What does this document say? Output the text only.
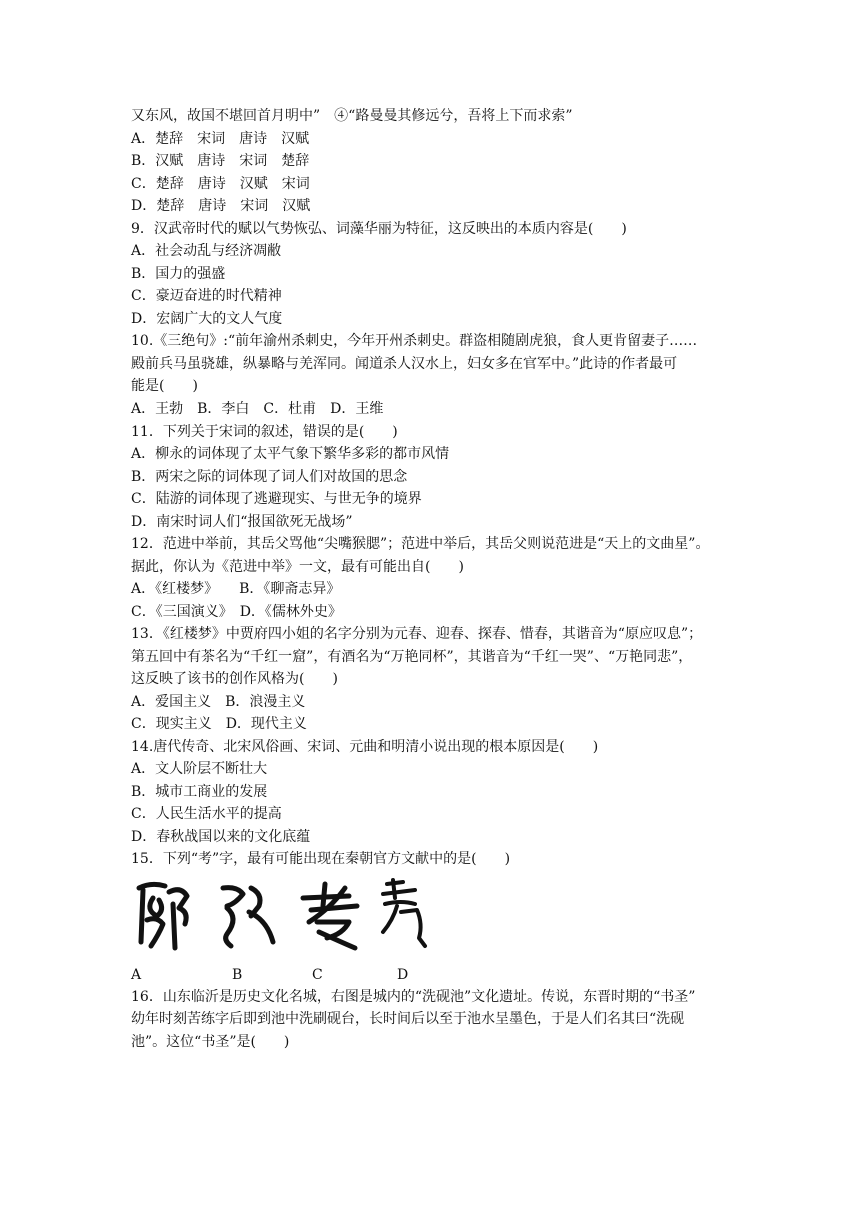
又东风，故国不堪回首月明中”　④“路曼曼其修远兮，吾将上下而求索”
A．楚辞　宋词　唐诗　汉赋
B．汉赋　唐诗　宋词　楚辞
C．楚辞　唐诗　汉赋　宋词
D．楚辞　唐诗　宋词　汉赋
9．汉武帝时代的赋以气势恢弘、词藻华丽为特征，这反映出的本质内容是(　　)
A．社会动乱与经济凋敝
B．国力的强盛
C．豪迈奋进的时代精神
D．宏阔广大的文人气度
10.《三绝句》:“前年渝州杀刺史，今年开州杀刺史。群盗相随剧虎狼，食人更肯留妻子……
殿前兵马虽骁雄，纵暴略与羌浑同。闻道杀人汉水上，妇女多在官军中。”此诗的作者最可
能是(　　)
A．王勃　B．李白　C．杜甫　D．王维
11．下列关于宋词的叙述，错误的是(　　)
A．柳永的词体现了太平气象下繁华多彩的都市风情
B．两宋之际的词体现了词人们对故国的思念
C．陆游的词体现了逃避现实、与世无争的境界
D．南宋时词人们“报国欲死无战场”
12．范进中举前，其岳父骂他“尖嘴猴腮”；范进中举后，其岳父则说范进是“天上的文曲星”。
据此，你认为《范进中举》一文，最有可能出自(　　)
A．《红楼梦》　　B．《聊斋志异》
C．《三国演义》　D．《儒林外史》
13．《红楼梦》中贾府四小姐的名字分别为元春、迎春、探春、惜春，其谐音为“原应叹息”；
第五回中有茶名为“千红一窟”，有酒名为“万艳同杯”，其谐音为“千红一哭”、“万艳同悲”，
这反映了该书的创作风格为(　　)
A．爱国主义　B．浪漫主义
C．现实主义　D．现代主义
14.唐代传奇、北宋风俗画、宋词、元曲和明清小说出现的根本原因是(　　)
A．文人阶层不断壮大
B．城市工商业的发展
C．人民生活水平的提高
D．春秋战国以来的文化底蕴
15．下列“考”字，最有可能出现在秦朝官方文献中的是(　　)
A	B	C	D
16．山东临沂是历史文化名城，右图是城内的“洗砚池”文化遗址。传说，东晋时期的“书圣”
幼年时刻苦练字后即到池中洗刷砚台，长时间后以至于池水呈墨色，于是人们名其曰“洗砚
池”。这位“书圣”是(　　)
